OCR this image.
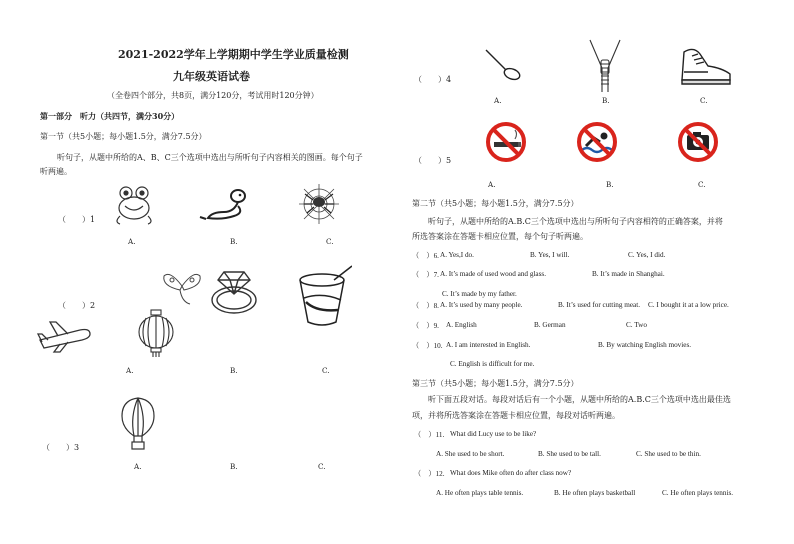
2021-2022学年上学期期中学生学业质量检测
九年级英语试卷
（全卷四个部分，共8页，满分120分，考试用时120分钟）
第一部分　听力（共四节，满分30分）
第一节（共5小题；每小题1.5分，满分7.5分）
听句子，从题中所给的A、B、C三个选项中选出与所听句子内容相关的图画。每个句子
听两遍。
（　　）1
A.	B.	C.
（　　）2
A.	B.	C.
（　　）3
A.	B.	C.
（　　）4
A.	B.	C.
（　　）5
A.	B.	C.
第二节（共5小题；每小题1.5分，满分7.5分）
听句子，从题中所给的A.B.C三个选项中选出与所听句子内容相符的正确答案，并将
所选答案涂在答题卡相应位置，每个句子听两遍。
（　）6. A. Yes,I do.	B. Yes, I will.	C. Yes, I did.
（　）7. A. It’s made of used wood and glass.	B. It’s made in Shanghai.
C. It’s made by my father.
（　）8. A. It’s used by many people.	B. It’s used for cutting meat. C. I bought it at a low price.
（　）9. A. English	B. German	C. Two
（　）10. A. I am interested in English.	B. By watching English movies.
C. English is difficult for me.
第三节（共5小题；每小题1.5分，满分7.5分）
听下面五段对话。每段对话后有一个小题，从题中所给的A.B.C三个选项中选出最佳选
项，并将所选答案涂在答题卡相应位置，每段对话听两遍。
（　）11. What did Lucy use to be like?
A. She used to be short.	B. She used to be tall.	C. She used to be thin.
（　）12. What does Mike often do after class now?
A. He often plays table tennis.	B. He often plays basketball	C. He often plays tennis.
